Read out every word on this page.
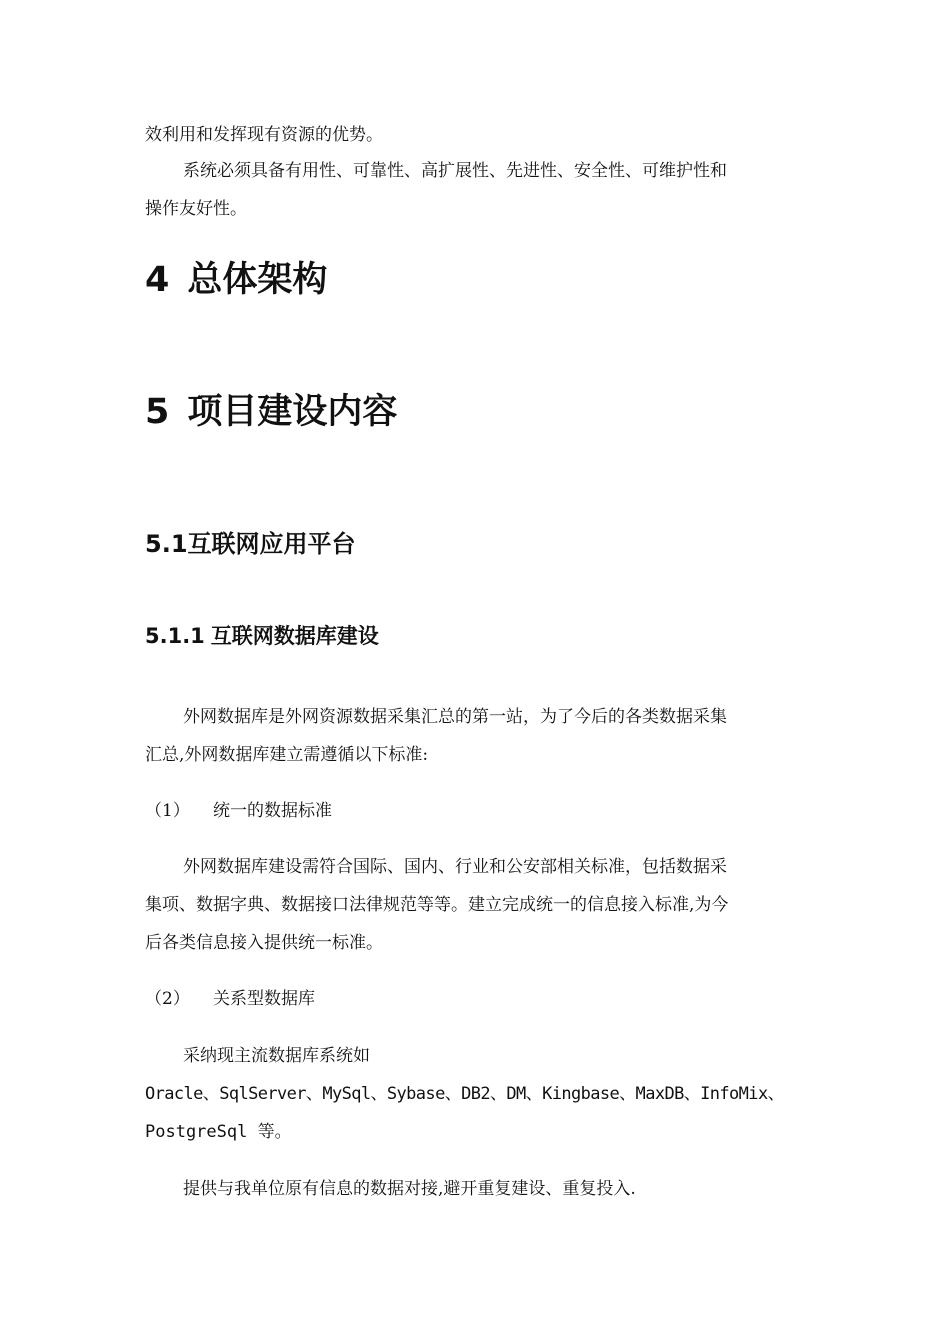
效利用和发挥现有资源的优势。
系统必须具备有用性、可靠性、高扩展性、先进性、安全性、可维护性和
操作友好性。
4 总体架构
5 项目建设内容
5.1互联网应用平台
5.1.1 互联网数据库建设
外网数据库是外网资源数据采集汇总的第一站，为了今后的各类数据采集
汇总,外网数据库建立需遵循以下标准:
（1） 统一的数据标准
外网数据库建设需符合国际、国内、行业和公安部相关标准，包括数据采
集项、数据字典、数据接口法律规范等等。建立完成统一的信息接入标准,为今
后各类信息接入提供统一标准。
（2） 关系型数据库
采纳现主流数据库系统如
Oracle、SqlServer、MySql、Sybase、DB2、DM、Kingbase、MaxDB、InfoMix、
PostgreSql 等。
提供与我单位原有信息的数据对接,避开重复建设、重复投入.
